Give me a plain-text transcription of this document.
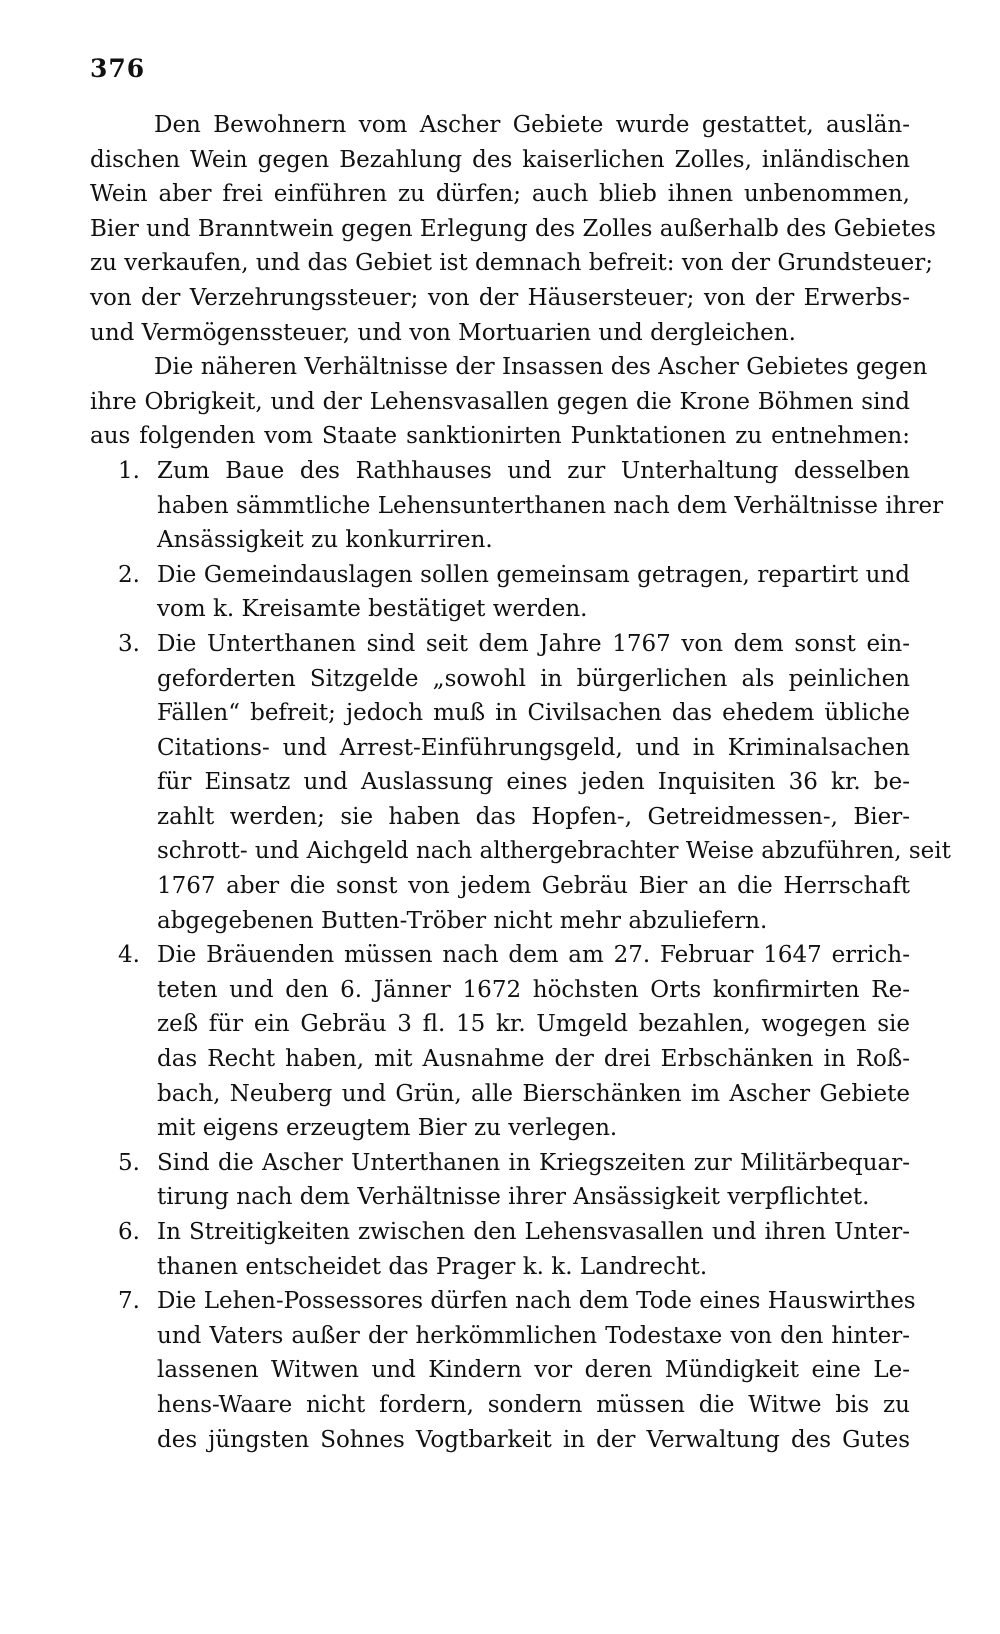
376

Den Bewohnern vom Ascher Gebiete wurde gestattet, auslän-
dischen Wein gegen Bezahlung des kaiserlichen Zolles, inländischen
Wein aber frei einführen zu dürfen; auch blieb ihnen unbenommen,
Bier und Branntwein gegen Erlegung des Zolles außerhalb des Gebietes
zu verkaufen, und das Gebiet ist demnach befreit: von der Grundsteuer;
von der Verzehrungssteuer; von der Häusersteuer; von der Erwerbs-
und Vermögenssteuer, und von Mortuarien und dergleichen.

Die näheren Verhältnisse der Insassen des Ascher Gebietes gegen
ihre Obrigkeit, und der Lehensvasallen gegen die Krone Böhmen sind
aus folgenden vom Staate sanktionirten Punktationen zu entnehmen:

1. Zum Baue des Rathhauses und zur Unterhaltung desselben
haben sämmtliche Lehensunterthanen nach dem Verhältnisse ihrer
Ansässigkeit zu konkurriren.
2. Die Gemeindauslagen sollen gemeinsam getragen, repartirt und
vom k. Kreisamte bestätiget werden.
3. Die Unterthanen sind seit dem Jahre 1767 von dem sonst ein-
geforderten Sitzgelde „sowohl in bürgerlichen als peinlichen
Fällen“ befreit; jedoch muß in Civilsachen das ehedem übliche
Citations- und Arrest-Einführungsgeld, und in Kriminalsachen
für Einsatz und Auslassung eines jeden Inquisiten 36 kr. be-
zahlt werden; sie haben das Hopfen-, Getreidmessen-, Bier-
schrott- und Aichgeld nach althergebrachter Weise abzuführen, seit
1767 aber die sonst von jedem Gebräu Bier an die Herrschaft
abgegebenen Butten-Tröber nicht mehr abzuliefern.
4. Die Bräuenden müssen nach dem am 27. Februar 1647 errich-
teten und den 6. Jänner 1672 höchsten Orts konfirmirten Re-
zeß für ein Gebräu 3 fl. 15 kr. Umgeld bezahlen, wogegen sie
das Recht haben, mit Ausnahme der drei Erbschänken in Roß-
bach, Neuberg und Grün, alle Bierschänken im Ascher Gebiete
mit eigens erzeugtem Bier zu verlegen.
5. Sind die Ascher Unterthanen in Kriegszeiten zur Militärbequar-
tirung nach dem Verhältnisse ihrer Ansässigkeit verpflichtet.
6. In Streitigkeiten zwischen den Lehensvasallen und ihren Unter-
thanen entscheidet das Prager k. k. Landrecht.
7. Die Lehen-Possessores dürfen nach dem Tode eines Hauswirthes
und Vaters außer der herkömmlichen Todestaxe von den hinter-
lassenen Witwen und Kindern vor deren Mündigkeit eine Le-
hens-Waare nicht fordern, sondern müssen die Witwe bis zu
des jüngsten Sohnes Vogtbarkeit in der Verwaltung des Gutes
